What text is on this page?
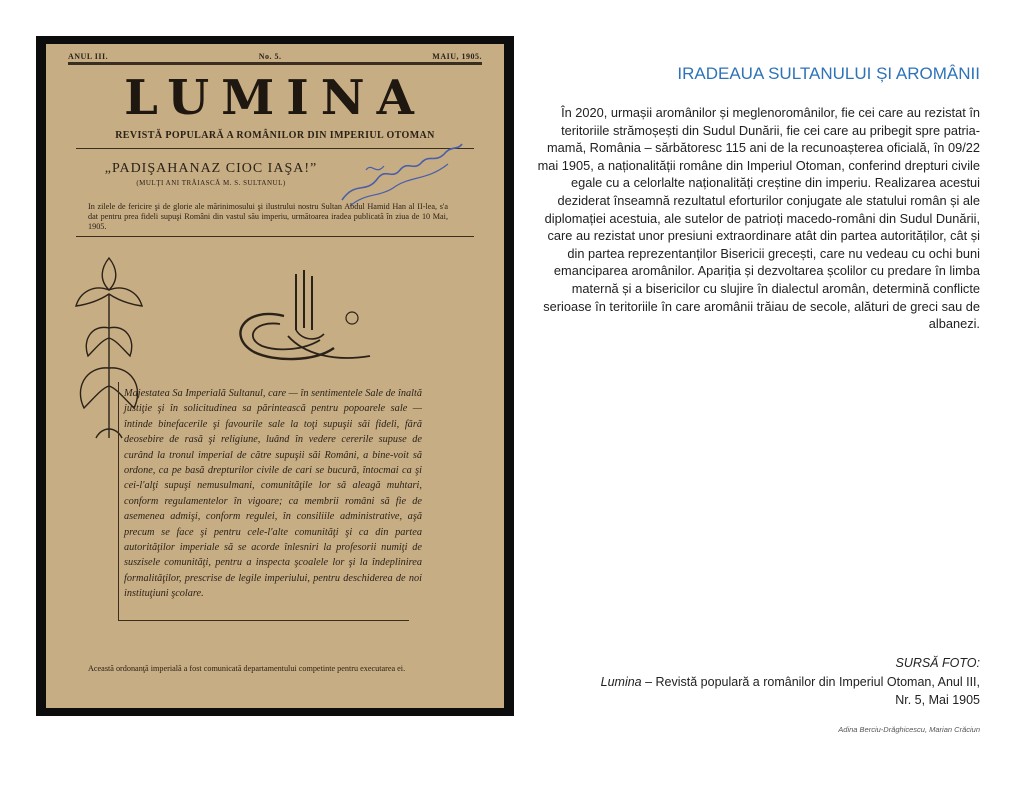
ANUL III.	No. 5.	MAIU, 1905.
LUMINA
REVISTĂ POPULARĂ A ROMÂNILOR DIN IMPERIUL OTOMAN
„PADIŞAHANAZ CIOC IAŞA!”
(MULŢI ANI TRĂIASCĂ M. S. SULTANUL)
In zilele de fericire şi de glorie ale mărinimosului şi ilustrului nostru Sultan Abdul Hamid Han al II-lea, s'a dat pentru prea fideli supuşi Români din vastul său imperiu, următoarea iradea publicată în ziua de 10 Mai, 1905.
Majestatea Sa Imperială Sultanul, care — în sentimentele Sale de înaltă justiţie şi în solicitudinea sa părintească pentru popoarele sale — întinde binefacerile şi favourile sale la toţi supuşii săi fideli, fără deosebire de rasă şi religiune, luând în vedere cererile supuse de curând la tronul imperial de către supuşii săi Români, a bine-voit să ordone, ca pe basă drepturilor civile de cari se bucură, întocmai ca şi cei-l'alţi supuşi nemusulmani, comunităţile lor să aleagă muhtari, conform regulamentelor în vigoare; ca membrii români să fie de asemenea admişi, conform regulei, în consiliile administrative, aşă precum se face şi pentru cele-l'alte comunităţi şi ca din partea autorităţilor imperiale să se acorde înlesniri la profesorii numiţi de suszisele comunităţi, pentru a inspecta şcoalele lor şi la îndeplinirea formalităţilor, prescrise de legile imperiului, pentru deschiderea de noi instituţiuni şcolare.
Această ordonanţă imperială a fost comunicată departamentului competinte pentru executarea ei.
IRADEAUA SULTANULUI ȘI AROMÂNII
În 2020, urmașii aromânilor și meglenoromânilor, fie cei care au rezistat în teritoriile strămoșești din Sudul Dunării, fie cei care au pribegit spre patria-mamă, România – sărbătoresc 115 ani de la recunoașterea oficială, în 09/22 mai 1905, a naționalității române din Imperiul Otoman, conferind drepturi civile egale cu a celorlalte naționalități creștine din imperiu. Realizarea acestui deziderat înseamnă rezultatul eforturilor conjugate ale statului român și ale diplomației acestuia, ale sutelor de patrioți macedo-români din Sudul Dunării, care au rezistat unor presiuni extraordinare atât din partea autorităților, cât și din partea reprezentanților Bisericii grecești, care nu vedeau cu ochi buni emanciparea aromânilor. Apariția și dezvoltarea școlilor cu predare în limba maternă și a bisericilor cu slujire în dialectul aromân, determină conflicte serioase în teritoriile în care aromânii trăiau de secole, alături de greci sau de albanezi.
SURSĂ FOTO:
Lumina – Revistă populară a românilor din Imperiul Otoman, Anul III, Nr. 5, Mai 1905
Adina Berciu-Drăghicescu, Marian Crăciun
